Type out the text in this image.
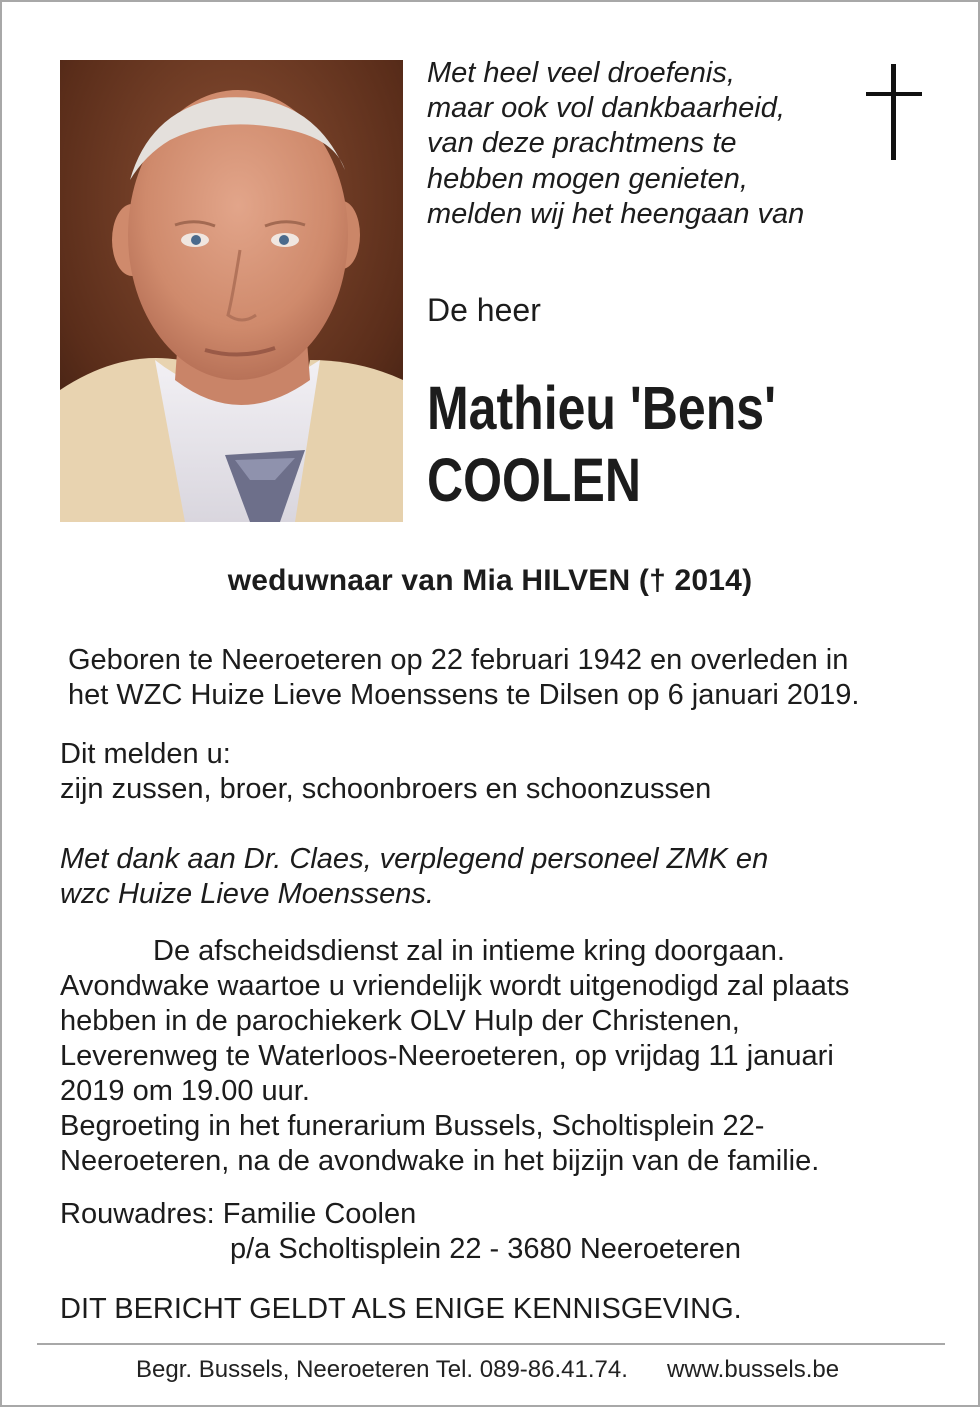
Met heel veel droefenis,
maar ook vol dankbaarheid,
van deze prachtmens te
hebben mogen genieten,
melden wij het heengaan van
De heer
Mathieu 'Bens'
COOLEN
weduwnaar van Mia HILVEN († 2014)
Geboren te Neeroeteren op 22 februari 1942 en overleden in
het WZC Huize Lieve Moenssens te Dilsen op 6 januari 2019.
Dit melden u:
zijn zussen, broer, schoonbroers en schoonzussen
Met dank aan Dr. Claes, verplegend personeel ZMK en
wzc Huize Lieve Moenssens.
De afscheidsdienst zal in intieme kring doorgaan.
Avondwake waartoe u vriendelijk wordt uitgenodigd zal plaats
hebben in de parochiekerk OLV Hulp der Christenen,
Leverenweg te Waterloos-Neeroeteren, op vrijdag 11 januari
2019 om 19.00 uur.
Begroeting in het funerarium Bussels, Scholtisplein 22-
Neeroeteren, na de avondwake in het bijzijn van de familie.
Rouwadres: Familie Coolen
p/a Scholtisplein 22 - 3680 Neeroeteren
DIT BERICHT GELDT ALS ENIGE KENNISGEVING.
Begr. Bussels, Neeroeteren Tel. 089-86.41.74. www.bussels.be
